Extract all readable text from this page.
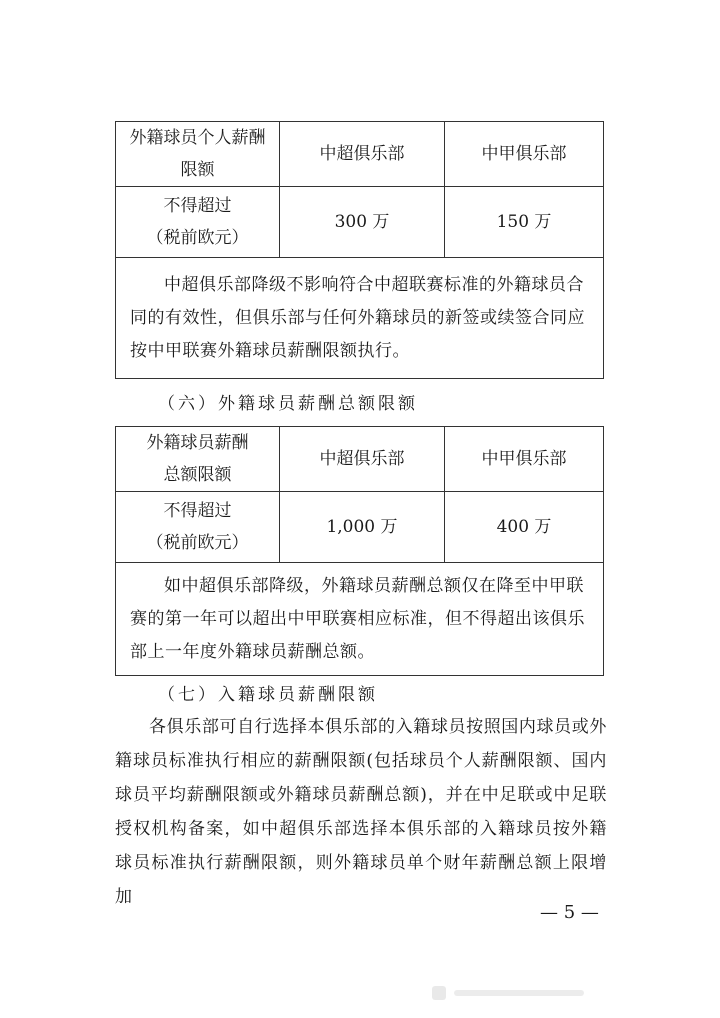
外籍球员个人薪酬
限额	中超俱乐部	中甲俱乐部

不得超过
（税前欧元）	300 万	150 万
中超俱乐部降级不影响符合中超联赛标准的外籍球员合同的有效性，但俱乐部与任何外籍球员的新签或续签合同应按中甲联赛外籍球员薪酬限额执行。		
（六）外籍球员薪酬总额限额
外籍球员薪酬
总额限额	中超俱乐部	中甲俱乐部

不得超过
（税前欧元）	1,000 万	400 万
如中超俱乐部降级，外籍球员薪酬总额仅在降至中甲联赛的第一年可以超出中甲联赛相应标准，但不得超出该俱乐部上一年度外籍球员薪酬总额。		
（七）入籍球员薪酬限额

各俱乐部可自行选择本俱乐部的入籍球员按照国内球员或外籍球员标准执行相应的薪酬限额(包括球员个人薪酬限额、国内球员平均薪酬限额或外籍球员薪酬总额)，并在中足联或中足联授权机构备案，如中超俱乐部选择本俱乐部的入籍球员按外籍球员标准执行薪酬限额，则外籍球员单个财年薪酬总额上限增加

— 5 —
